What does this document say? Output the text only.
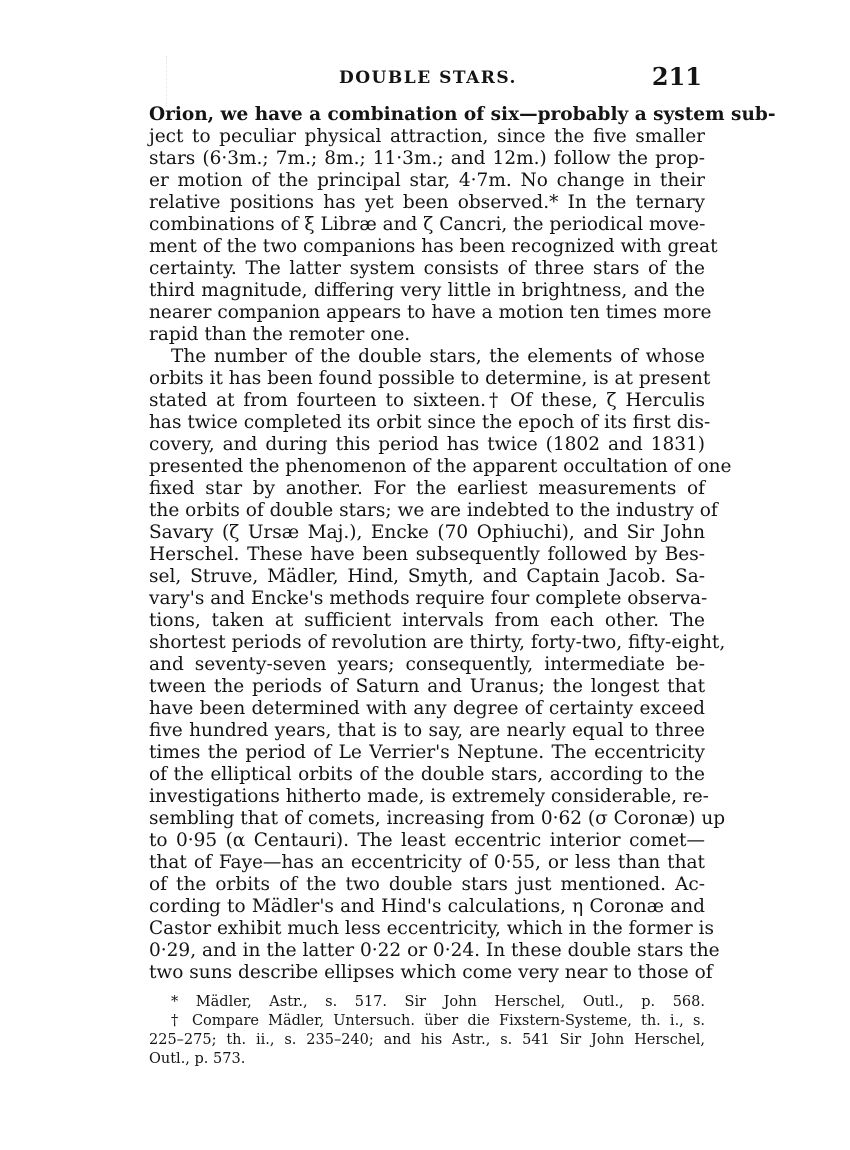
DOUBLE STARS.	211
Orion, we have a combination of six—probably a system sub-
ject to peculiar physical attraction, since the five smaller
stars (6·3m.; 7m.; 8m.; 11·3m.; and 12m.) follow the prop-
er motion of the principal star, 4·7m. No change in their
relative positions has yet been observed.* In the ternary
combinations of ξ Libræ and ζ Cancri, the periodical move-
ment of the two companions has been recognized with great
certainty. The latter system consists of three stars of the
third magnitude, differing very little in brightness, and the
nearer companion appears to have a motion ten times more
rapid than the remoter one.
The number of the double stars, the elements of whose
orbits it has been found possible to determine, is at present
stated at from fourteen to sixteen.† Of these, ζ Herculis
has twice completed its orbit since the epoch of its first dis-
covery, and during this period has twice (1802 and 1831)
presented the phenomenon of the apparent occultation of one
fixed star by another. For the earliest measurements of
the orbits of double stars; we are indebted to the industry of
Savary (ζ Ursæ Maj.), Encke (70 Ophiuchi), and Sir John
Herschel. These have been subsequently followed by Bes-
sel, Struve, Mädler, Hind, Smyth, and Captain Jacob. Sa-
vary's and Encke's methods require four complete observa-
tions, taken at sufficient intervals from each other. The
shortest periods of revolution are thirty, forty-two, fifty-eight,
and seventy-seven years; consequently, intermediate be-
tween the periods of Saturn and Uranus; the longest that
have been determined with any degree of certainty exceed
five hundred years, that is to say, are nearly equal to three
times the period of Le Verrier's Neptune. The eccentricity
of the elliptical orbits of the double stars, according to the
investigations hitherto made, is extremely considerable, re-
sembling that of comets, increasing from 0·62 (σ Coronæ) up
to 0·95 (α Centauri). The least eccentric interior comet—
that of Faye—has an eccentricity of 0·55, or less than that
of the orbits of the two double stars just mentioned. Ac-
cording to Mädler's and Hind's calculations, η Coronæ and
Castor exhibit much less eccentricity, which in the former is
0·29, and in the latter 0·22 or 0·24. In these double stars the
two suns describe ellipses which come very near to those of
* Mädler, Astr., s. 517. Sir John Herschel, Outl., p. 568.
† Compare Mädler, Untersuch. über die Fixstern-Systeme, th. i., s.
225–275; th. ii., s. 235–240; and his Astr., s. 541 Sir John Herschel,
Outl., p. 573.
